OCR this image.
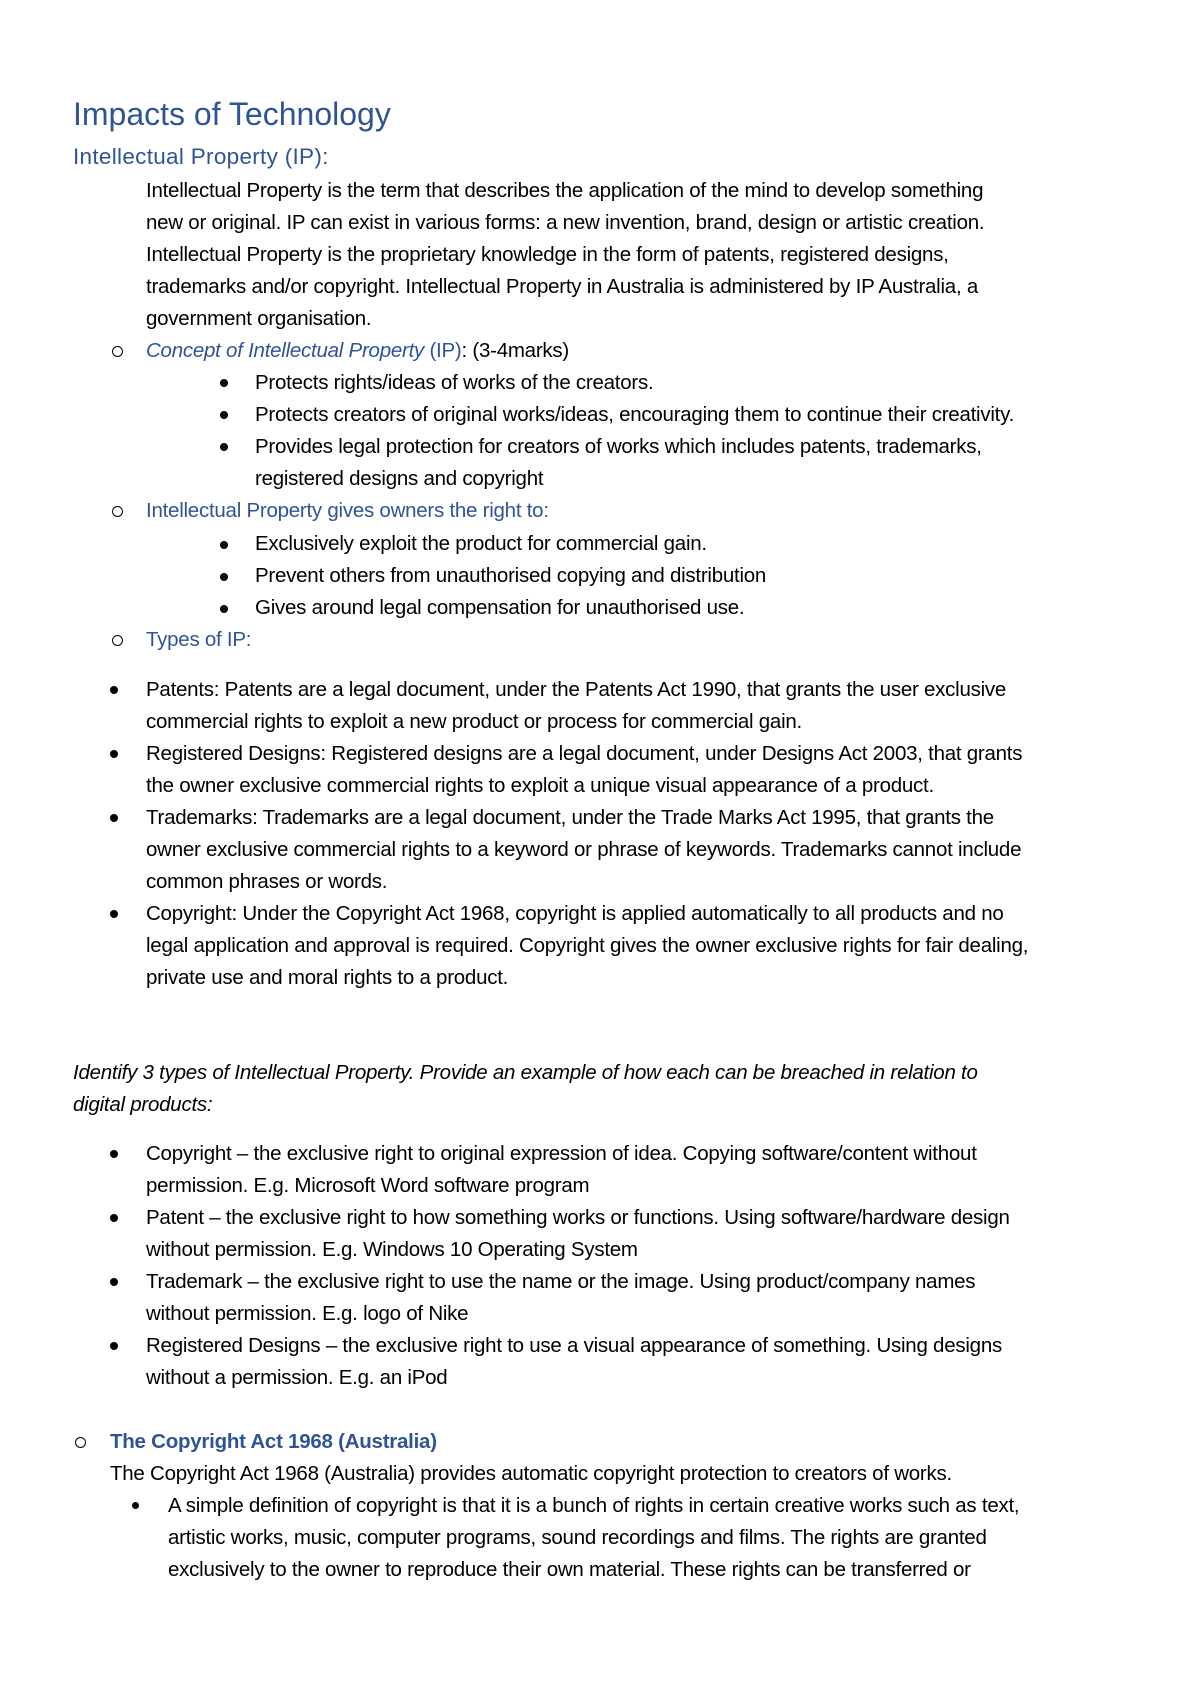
Impacts of Technology
Intellectual Property (IP):
Intellectual Property is the term that describes the application of the mind to develop something
new or original. IP can exist in various forms: a new invention, brand, design or artistic creation.
Intellectual Property is the proprietary knowledge in the form of patents, registered designs,
trademarks and/or copyright. Intellectual Property in Australia is administered by IP Australia, a
government organisation.
Concept of Intellectual Property (IP): (3-4marks)
Protects rights/ideas of works of the creators.
Protects creators of original works/ideas, encouraging them to continue their creativity.
Provides legal protection for creators of works which includes patents, trademarks,
registered designs and copyright
Intellectual Property gives owners the right to:
Exclusively exploit the product for commercial gain.
Prevent others from unauthorised copying and distribution
Gives around legal compensation for unauthorised use.
Types of IP:
Patents: Patents are a legal document, under the Patents Act 1990, that grants the user exclusive
commercial rights to exploit a new product or process for commercial gain.
Registered Designs: Registered designs are a legal document, under Designs Act 2003, that grants
the owner exclusive commercial rights to exploit a unique visual appearance of a product.
Trademarks: Trademarks are a legal document, under the Trade Marks Act 1995, that grants the
owner exclusive commercial rights to a keyword or phrase of keywords. Trademarks cannot include
common phrases or words.
Copyright: Under the Copyright Act 1968, copyright is applied automatically to all products and no
legal application and approval is required. Copyright gives the owner exclusive rights for fair dealing,
private use and moral rights to a product.
Identify 3 types of Intellectual Property. Provide an example of how each can be breached in relation to
digital products:
Copyright – the exclusive right to original expression of idea. Copying software/content without
permission. E.g. Microsoft Word software program
Patent – the exclusive right to how something works or functions. Using software/hardware design
without permission. E.g. Windows 10 Operating System
Trademark – the exclusive right to use the name or the image. Using product/company names
without permission. E.g. logo of Nike
Registered Designs – the exclusive right to use a visual appearance of something. Using designs
without a permission. E.g. an iPod
The Copyright Act 1968 (Australia)
The Copyright Act 1968 (Australia) provides automatic copyright protection to creators of works.
A simple definition of copyright is that it is a bunch of rights in certain creative works such as text,
artistic works, music, computer programs, sound recordings and films. The rights are granted
exclusively to the owner to reproduce their own material. These rights can be transferred or
